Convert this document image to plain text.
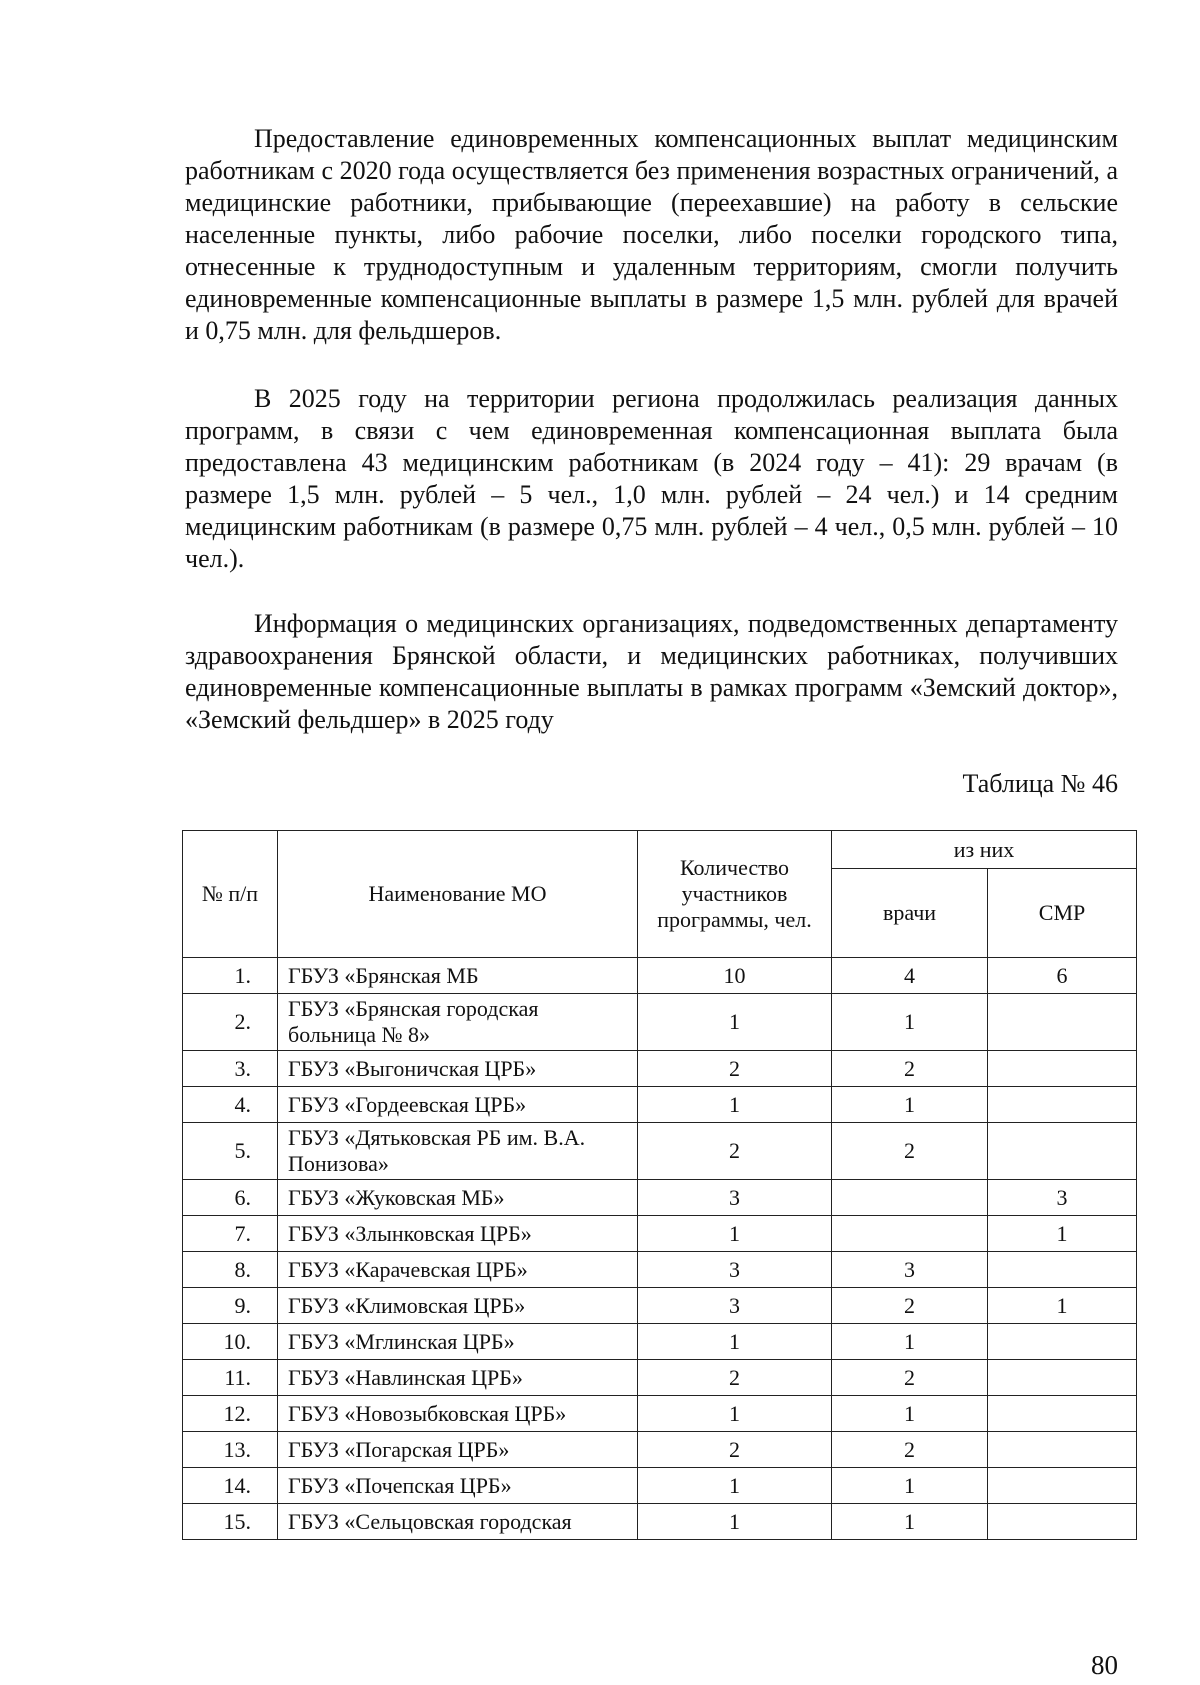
Предоставление единовременных компенсационных выплат медицинским работникам с 2020 года осуществляется без применения возрастных ограничений, а медицинские работники, прибывающие (переехавшие) на работу в сельские населенные пункты, либо рабочие поселки, либо поселки городского типа, отнесенные к труднодоступным и удаленным территориям, смогли получить единовременные компенсационные выплаты в размере 1,5 млн. рублей для врачей и 0,75 млн. для фельдшеров.

В 2025 году на территории региона продолжилась реализация данных программ, в связи с чем единовременная компенсационная выплата была предоставлена 43 медицинским работникам (в 2024 году – 41): 29 врачам (в размере 1,5 млн. рублей – 5 чел., 1,0 млн. рублей – 24 чел.) и 14 средним медицинским работникам (в размере 0,75 млн. рублей – 4 чел., 0,5 млн. рублей – 10 чел.).

Информация о медицинских организациях, подведомственных департаменту здравоохранения Брянской области, и медицинских работниках, получивших единовременные компенсационные выплаты в рамках программ «Земский доктор», «Земский фельдшер» в 2025 году

Таблица № 46

№ п/п	Наименование МО	Количество участников программы, чел.	из них	
			врачи	СМР
1.	ГБУЗ «Брянская МБ	10	4	6
2.	ГБУЗ «Брянская городская больница № 8»	1	1	
3.	ГБУЗ «Выгоничская ЦРБ»	2	2	
4.	ГБУЗ «Гордеевская ЦРБ»	1	1	
5.	ГБУЗ «Дятьковская РБ им. В.А. Понизова»	2	2	
6.	ГБУЗ «Жуковская МБ»	3		3
7.	ГБУЗ «Злынковская ЦРБ»	1		1
8.	ГБУЗ «Карачевская ЦРБ»	3	3	
9.	ГБУЗ «Климовская ЦРБ»	3	2	1
10.	ГБУЗ «Мглинская ЦРБ»	1	1	
11.	ГБУЗ «Навлинская ЦРБ»	2	2	
12.	ГБУЗ «Новозыбковская ЦРБ»	1	1	
13.	ГБУЗ «Погарская ЦРБ»	2	2	
14.	ГБУЗ «Почепская ЦРБ»	1	1	
15.	ГБУЗ «Сельцовская городская	1	1	

80
